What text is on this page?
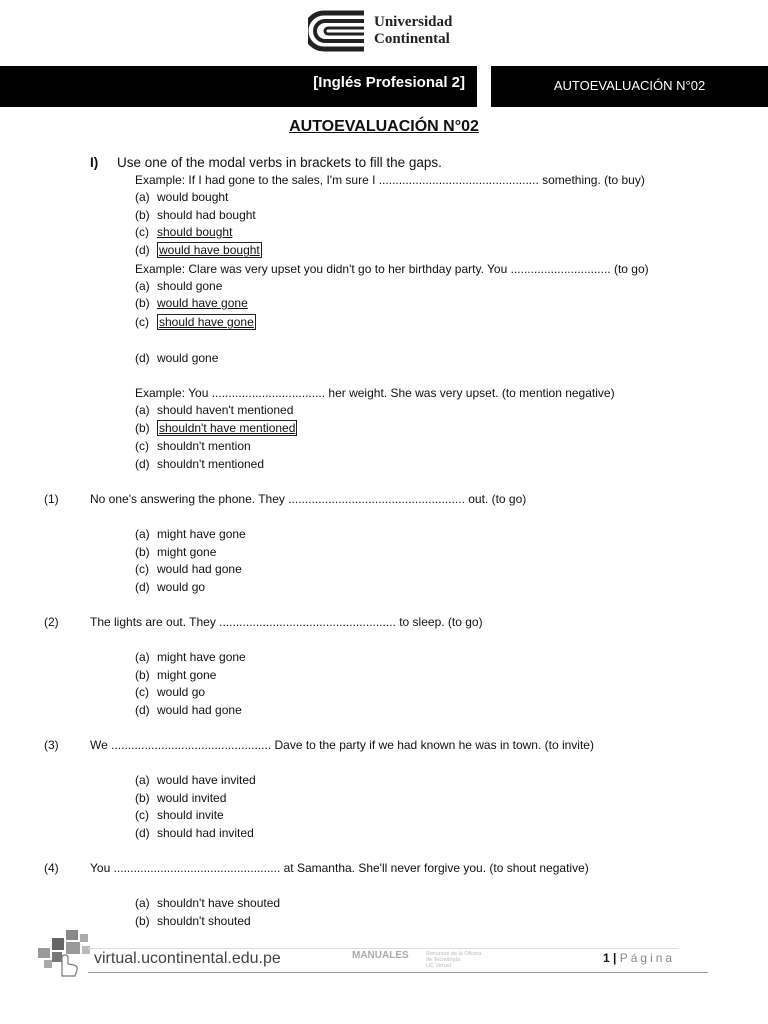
Universidad
Continental
[Inglés Profesional 2]	AUTOEVALUACIÓN N°02
AUTOEVALUACIÓN N°02
I) Use one of the modal verbs in brackets to fill the gaps.
Example: If I had gone to the sales, I'm sure I ................................................ something. (to buy)
(a) would bought
(b) should had bought
(c) should bought
(d) would have bought
Example: Clare was very upset you didn't go to her birthday party. You .............................. (to go)
(a) should gone
(b) would have gone
(c) should have gone
(d) would gone
Example: You .................................. her weight. She was very upset. (to mention negative)
(a) should haven't mentioned
(b) shouldn't have mentioned
(c) shouldn't mention
(d) shouldn't mentioned
(1)	No one's answering the phone. They ..................................................... out. (to go)
(a) might have gone
(b) might gone
(c) would had gone
(d) would go
(2)	The lights are out. They ..................................................... to sleep. (to go)
(a) might have gone
(b) might gone
(c) would go
(d) would had gone
(3)	We ................................................ Dave to the party if we had known he was in town. (to invite)
(a) would have invited
(b) would invited
(c) should invite
(d) should had invited
(4)	You .................................................. at Samantha. She'll never forgive you. (to shout negative)
(a) shouldn't have shouted
(b) shouldn't shouted
virtual.ucontinental.edu.pe	MANUALES	Recursos de la Oficina
de Tecnología
UC Virtual
1 | Página
